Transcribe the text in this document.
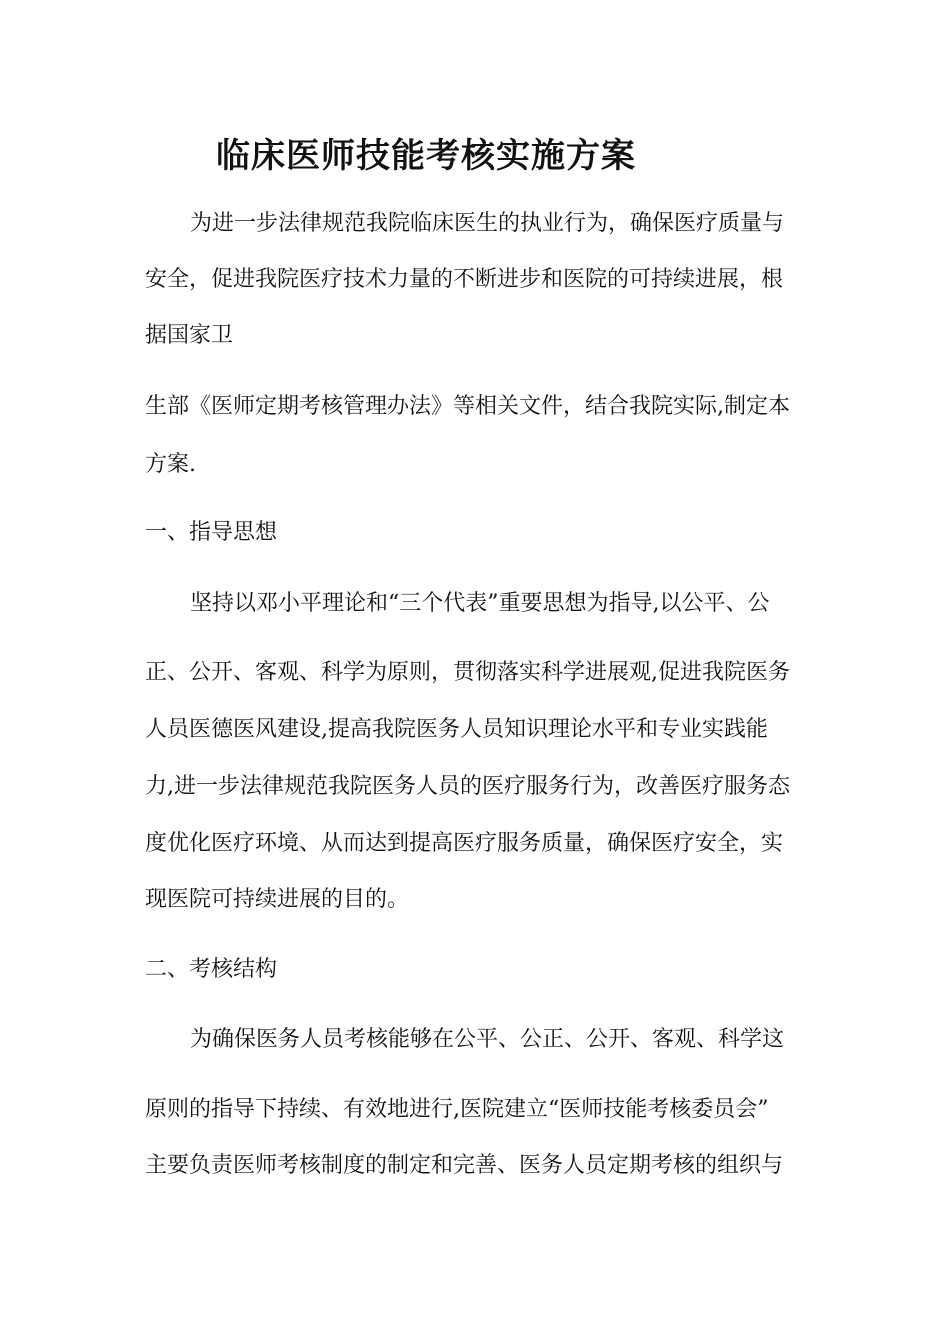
临床医师技能考核实施方案
为进一步法律规范我院临床医生的执业行为，确保医疗质量与
安全，促进我院医疗技术力量的不断进步和医院的可持续进展，根
据国家卫
生部《医师定期考核管理办法》等相关文件，结合我院实际,制定本
方案.
一、指导思想
坚持以邓小平理论和“三个代表”重要思想为指导,以公平、公
正、公开、客观、科学为原则，贯彻落实科学进展观,促进我院医务
人员医德医风建设,提高我院医务人员知识理论水平和专业实践能
力,进一步法律规范我院医务人员的医疗服务行为，改善医疗服务态
度优化医疗环境、从而达到提高医疗服务质量，确保医疗安全，实
现医院可持续进展的目的。
二、考核结构
为确保医务人员考核能够在公平、公正、公开、客观、科学这
原则的指导下持续、有效地进行,医院建立“医师技能考核委员会”
主要负责医师考核制度的制定和完善、医务人员定期考核的组织与
